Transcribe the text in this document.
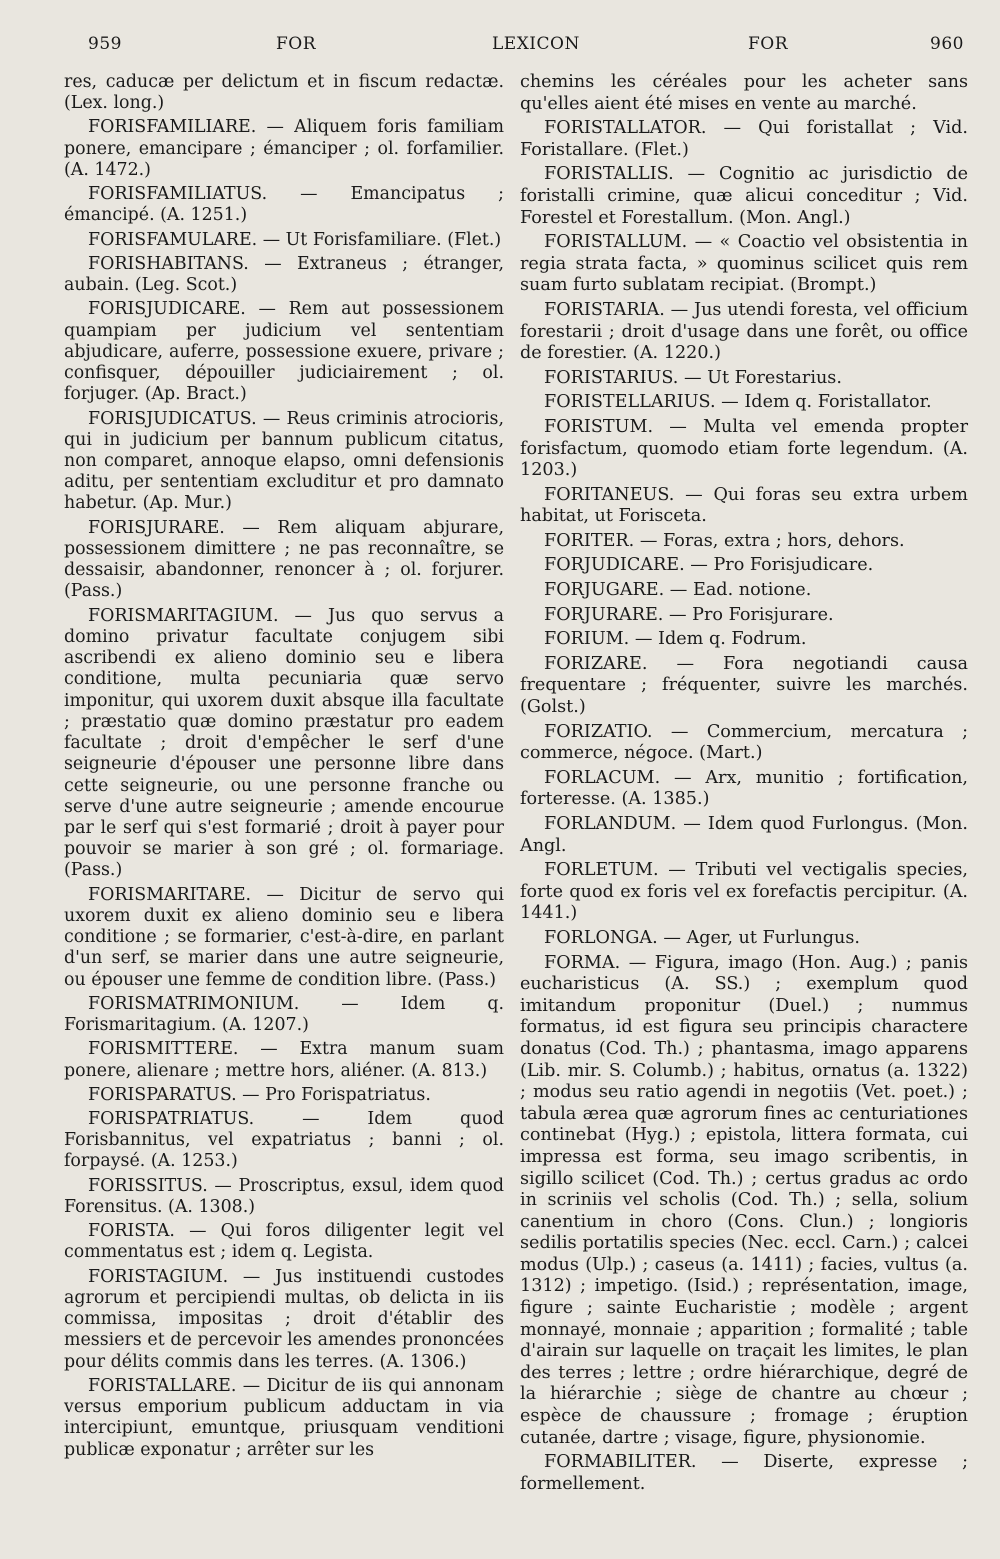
959	FOR	LEXICON	FOR	960

res, caducæ per delictum et in fiscum redactæ. (Lex. long.)

FORISFAMILIARE. — Aliquem foris familiam ponere, emancipare ; émanciper ; ol. forfamilier. (A. 1472.)

FORISFAMILIATUS. — Emancipatus ; émancipé. (A. 1251.)

FORISFAMULARE. — Ut Forisfamiliare. (Flet.)

FORISHABITANS. — Extraneus ; étranger, aubain. (Leg. Scot.)

FORISJUDICARE. — Rem aut possessionem quampiam per judicium vel sententiam abjudicare, auferre, possessione exuere, privare ; confisquer, dépouiller judiciairement ; ol. forjuger. (Ap. Bract.)

FORISJUDICATUS. — Reus criminis atrocioris, qui in judicium per bannum publicum citatus, non comparet, annoque elapso, omni defensionis aditu, per sententiam excluditur et pro damnato habetur. (Ap. Mur.)

FORISJURARE. — Rem aliquam abjurare, possessionem dimittere ; ne pas reconnaître, se dessaisir, abandonner, renoncer à ; ol. forjurer. (Pass.)

FORISMARITAGIUM. — Jus quo servus a domino privatur facultate conjugem sibi ascribendi ex alieno dominio seu e libera conditione, multa pecuniaria quæ servo imponitur, qui uxorem duxit absque illa facultate ; præstatio quæ domino præstatur pro eadem facultate ; droit d'empêcher le serf d'une seigneurie d'épouser une personne libre dans cette seigneurie, ou une personne franche ou serve d'une autre seigneurie ; amende encourue par le serf qui s'est formarié ; droit à payer pour pouvoir se marier à son gré ; ol. formariage. (Pass.)

FORISMARITARE. — Dicitur de servo qui uxorem duxit ex alieno dominio seu e libera conditione ; se formarier, c'est-à-dire, en parlant d'un serf, se marier dans une autre seigneurie, ou épouser une femme de condition libre. (Pass.)

FORISMATRIMONIUM. — Idem q. Forismaritagium. (A. 1207.)

FORISMITTERE. — Extra manum suam ponere, alienare ; mettre hors, aliéner. (A. 813.)

FORISPARATUS. — Pro Forispatriatus.

FORISPATRIATUS. — Idem quod Forisbannitus, vel expatriatus ; banni ; ol. forpaysé. (A. 1253.)

FORISSITUS. — Proscriptus, exsul, idem quod Forensitus. (A. 1308.)

FORISTA. — Qui foros diligenter legit vel commentatus est ; idem q. Legista.

FORISTAGIUM. — Jus instituendi custodes agrorum et percipiendi multas, ob delicta in iis commissa, impositas ; droit d'établir des messiers et de percevoir les amendes prononcées pour délits commis dans les terres. (A. 1306.)

FORISTALLARE. — Dicitur de iis qui annonam versus emporium publicum adductam in via intercipiunt, emuntque, priusquam venditioni publicæ exponatur ; arrêter sur les

chemins les céréales pour les acheter sans qu'elles aient été mises en vente au marché.

FORISTALLATOR. — Qui foristallat ; Vid. Foristallare. (Flet.)

FORISTALLIS. — Cognitio ac jurisdictio de foristalli crimine, quæ alicui conceditur ; Vid. Forestel et Forestallum. (Mon. Angl.)

FORISTALLUM. — « Coactio vel obsistentia in regia strata facta, » quominus scilicet quis rem suam furto sublatam recipiat. (Brompt.)

FORISTARIA. — Jus utendi foresta, vel officium forestarii ; droit d'usage dans une forêt, ou office de forestier. (A. 1220.)

FORISTARIUS. — Ut Forestarius.

FORISTELLARIUS. — Idem q. Foristallator.

FORISTUM. — Multa vel emenda propter forisfactum, quomodo etiam forte legendum. (A. 1203.)

FORITANEUS. — Qui foras seu extra urbem habitat, ut Forisceta.

FORITER. — Foras, extra ; hors, dehors.

FORJUDICARE. — Pro Forisjudicare.

FORJUGARE. — Ead. notione.

FORJURARE. — Pro Forisjurare.

FORIUM. — Idem q. Fodrum.

FORIZARE. — Fora negotiandi causa frequentare ; fréquenter, suivre les marchés. (Golst.)

FORIZATIO. — Commercium, mercatura ; commerce, négoce. (Mart.)

FORLACUM. — Arx, munitio ; fortification, forteresse. (A. 1385.)

FORLANDUM. — Idem quod Furlongus. (Mon. Angl.

FORLETUM. — Tributi vel vectigalis species, forte quod ex foris vel ex forefactis percipitur. (A. 1441.)

FORLONGA. — Ager, ut Furlungus.

FORMA. — Figura, imago (Hon. Aug.) ; panis eucharisticus (A. SS.) ; exemplum quod imitandum proponitur (Duel.) ; nummus formatus, id est figura seu principis charactere donatus (Cod. Th.) ; phantasma, imago apparens (Lib. mir. S. Columb.) ; habitus, ornatus (a. 1322) ; modus seu ratio agendi in negotiis (Vet. poet.) ; tabula ærea quæ agrorum fines ac centuriationes continebat (Hyg.) ; epistola, littera formata, cui impressa est forma, seu imago scribentis, in sigillo scilicet (Cod. Th.) ; certus gradus ac ordo in scriniis vel scholis (Cod. Th.) ; sella, solium canentium in choro (Cons. Clun.) ; longioris sedilis portatilis species (Nec. eccl. Carn.) ; calcei modus (Ulp.) ; caseus (a. 1411) ; facies, vultus (a. 1312) ; impetigo. (Isid.) ; représentation, image, figure ; sainte Eucharistie ; modèle ; argent monnayé, monnaie ; apparition ; formalité ; table d'airain sur laquelle on traçait les limites, le plan des terres ; lettre ; ordre hiérarchique, degré de la hiérarchie ; siège de chantre au chœur ; espèce de chaussure ; fromage ; éruption cutanée, dartre ; visage, figure, physionomie.

FORMABILITER. — Diserte, expresse ; formellement.
